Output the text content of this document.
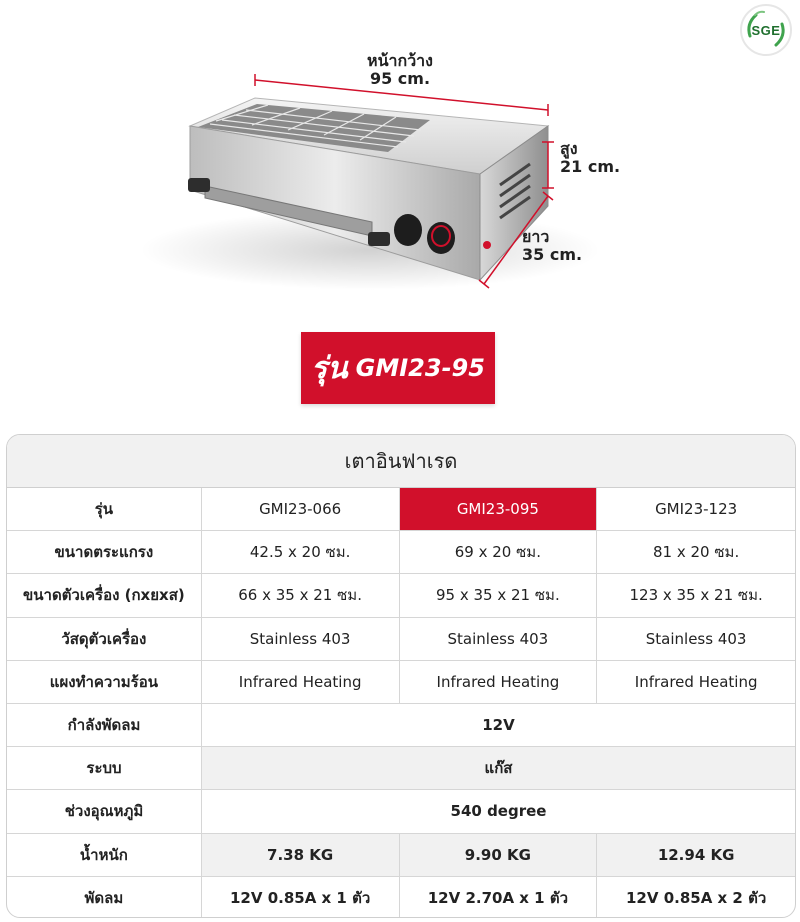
SGE
หน้ากว้าง
95 cm.
สูง
21 cm.
ยาว
35 cm.
รุ่น GMI23-95
เตาอินฟาเรด
รุ่น	GMI23-066	GMI23-095	GMI23-123
ขนาดตระแกรง	42.5 x 20 ซม.	69 x 20 ซม.	81 x 20 ซม.
ขนาดตัวเครื่อง (กxยxส)	66 x 35 x 21 ซม.	95 x 35 x 21 ซม.	123 x 35 x 21 ซม.
วัสดุตัวเครื่อง	Stainless 403	Stainless 403	Stainless 403
แผงทำความร้อน	Infrared Heating	Infrared Heating	Infrared Heating
กำลังพัดลม	12V
ระบบ	แก๊ส
ช่วงอุณหภูมิ	540 degree
น้ำหนัก	7.38 KG	9.90 KG	12.94 KG
พัดลม	12V 0.85A x 1 ตัว	12V 2.70A x 1 ตัว	12V 0.85A x 2 ตัว
